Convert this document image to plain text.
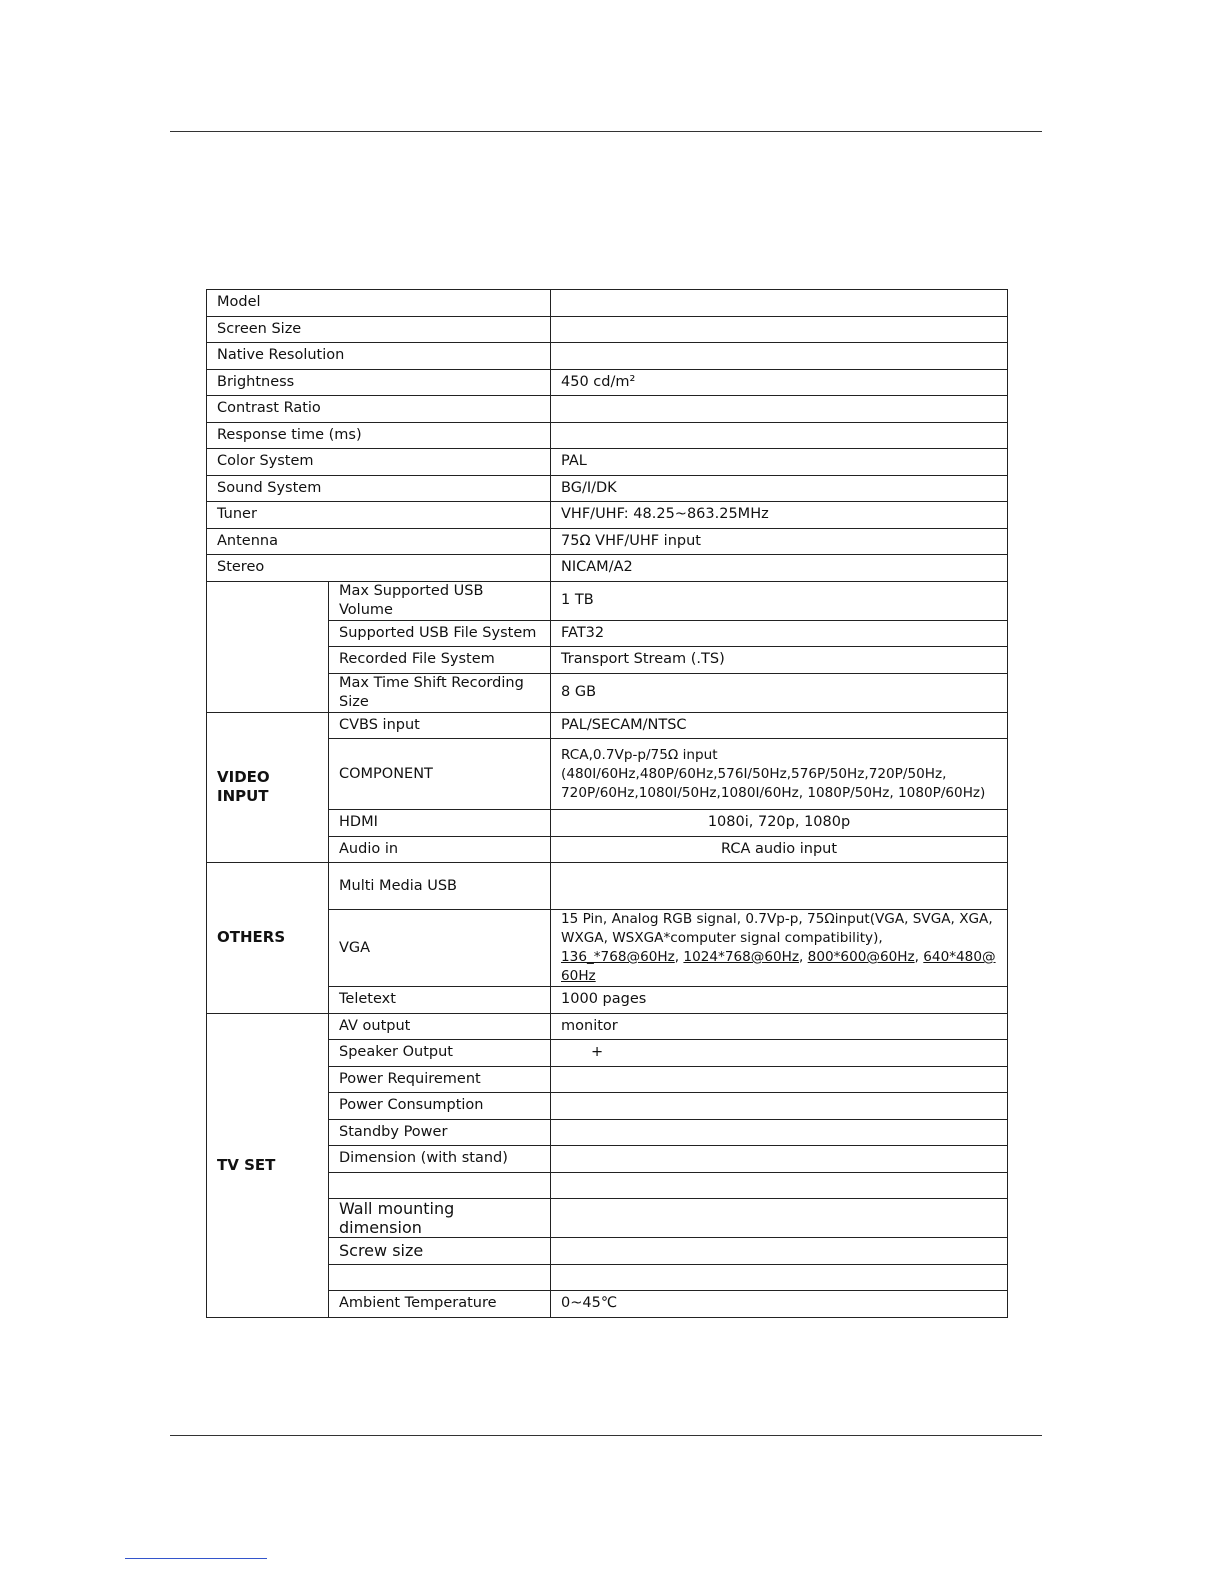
Model		
Screen Size		
Native Resolution		
Brightness		450 cd/m²
Contrast Ratio		
Response time (ms)		
Color System		PAL
Sound System		BG/I/DK
Tuner		VHF/UHF: 48.25~863.25MHz
Antenna		75Ω VHF/UHF input
Stereo		NICAM/A2
	Max Supported USB Volume	1 TB
	Supported USB File System	FAT32
	Recorded File System	Transport Stream (.TS)
	Max Time Shift Recording Size	8 GB
VIDEO INPUT	CVBS input	PAL/SECAM/NTSC
	COMPONENT	RCA,0.7Vp-p/75Ω input
(480I/60Hz,480P/60Hz,576I/50Hz,576P/50Hz,720P/50Hz,
720P/60Hz,1080I/50Hz,1080I/60Hz, 1080P/50Hz, 1080P/60Hz)

	HDMI	1080i, 720p, 1080p
	Audio in	RCA audio input
OTHERS	Multi Media USB	
	VGA	15 Pin, Analog RGB signal, 0.7Vp-p, 75Ωinput(VGA, SVGA, XGA,
WXGA, WSXGA*computer signal compatibility),
136_*768@60Hz, 1024*768@60Hz, 800*600@60Hz, 640*480@
60Hz

	Teletext	1000 pages
TV SET	AV output	monitor
	Speaker Output	+
	Power Requirement	
	Power Consumption	
	Standby Power	
	Dimension (with stand)	

	Wall mounting dimension	
	Screw size	

	Ambient Temperature	0~45℃
